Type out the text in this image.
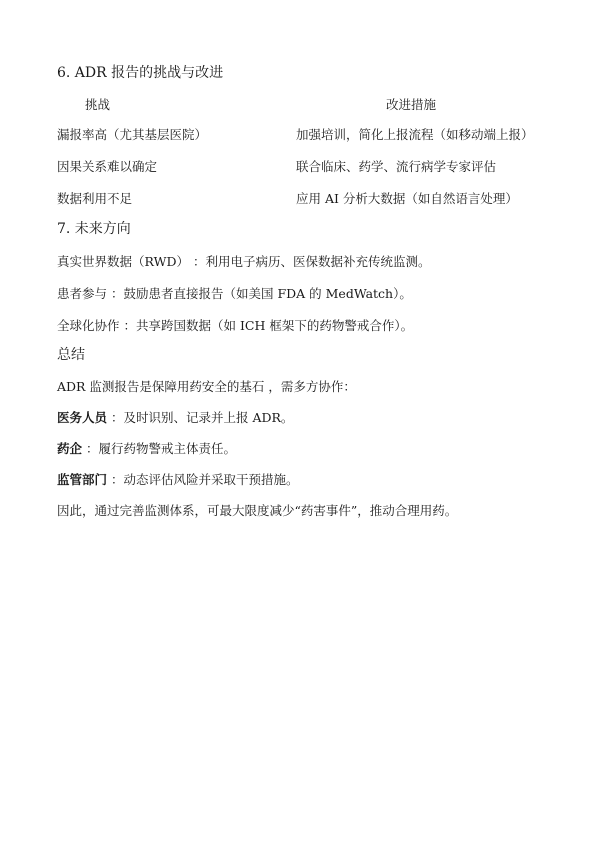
6. ADR 报告的挑战与改进
挑战	改进措施
漏报率高（尤其基层医院）	加强培训，简化上报流程（如移动端上报）
因果关系难以确定	联合临床、药学、流行病学专家评估
数据利用不足	应用 AI 分析大数据（如自然语言处理）
7. 未来方向
真实世界数据（RWD） ：利用电子病历、医保数据补充传统监测。
患者参与 ：鼓励患者直接报告（如美国 FDA 的 MedWatch）。
全球化协作 ：共享跨国数据（如 ICH 框架下的药物警戒合作）。
总结
ADR 监测报告是保障用药安全的基石 ，需多方协作：
医务人员 ：及时识别、记录并上报 ADR。
药企 ：履行药物警戒主体责任。
监管部门 ：动态评估风险并采取干预措施。
因此，通过完善监测体系，可最大限度减少“药害事件”，推动合理用药。
